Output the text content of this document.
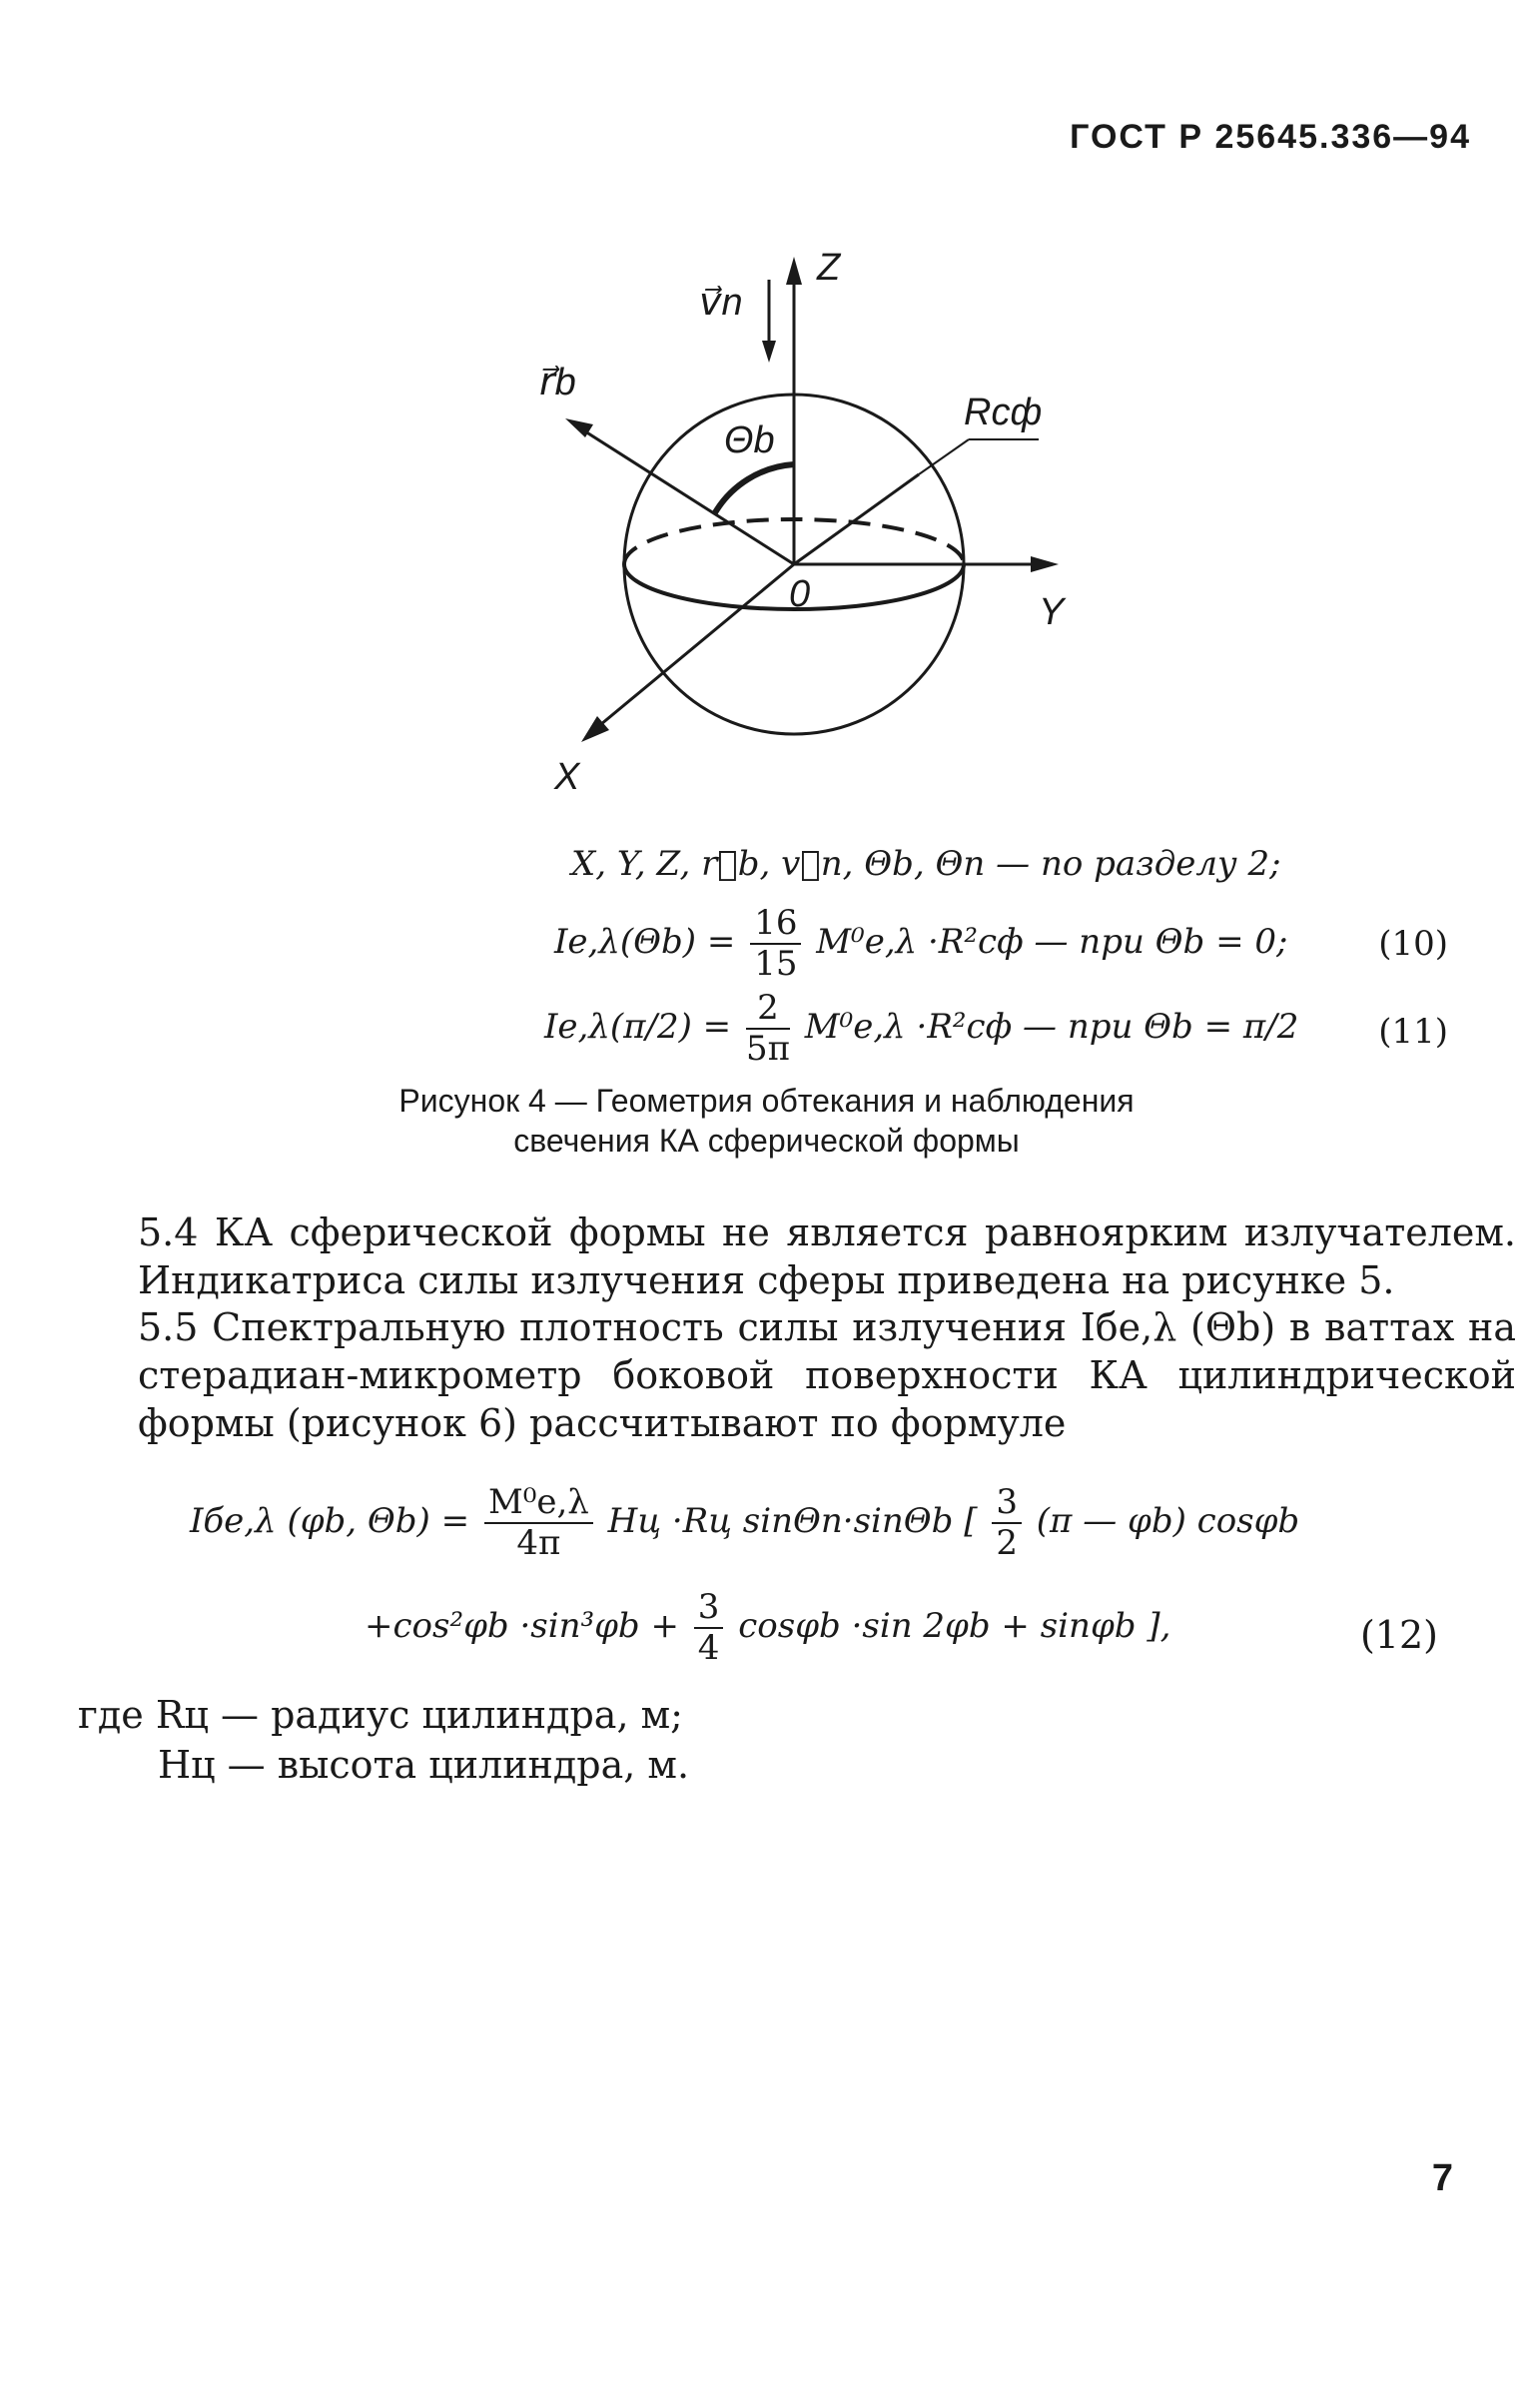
ГОСТ Р 25645.336—94
Z
Y
X
0
v⃗n
r⃗b
Θb
Rсф
X, Y, Z, r⃗b, v⃗n, Θb, Θn — по разделу 2;
$Ie,\lambda(\Theta b) = \frac{16}{15} M^0e,\lambda \cdot R^2сф$ — при Θb = 0;	(10)
$Ie,\lambda(\pi/2) = \frac{2}{5\pi} M^0e,\lambda \cdot R^2сф$ — при Θb = π/2 (11)
Рисунок 4 — Геометрия обтекания и наблюдения
свечения КА сферической формы
5.4 КА сферической формы не является равноярким излучателем. Индикатриса силы излучения сферы приведена на рисунке 5.
5.5 Спектральную плотность силы излучения Iбe,λ (Θb) в ваттах на стерадиан-микрометр боковой поверхности КА цилиндрической формы (рисунок 6) рассчитывают по формуле
Iбe,λ (φb, $\Theta b) = \frac{\text{M⁰e,λ}}{4\pi}$ Hц ·Rц sinΘn·sinΘb [ $\frac{3}{2} (\pi$ — φb) cosφb
$+\cos^2\varphi b \cdot\sin^3\varphi b + \frac{3}{4}$ cosφb ·sin 2φb + sinφb ],	(12)
где Rц — радиус цилиндра, м;
Hц — высота цилиндра, м.
7
